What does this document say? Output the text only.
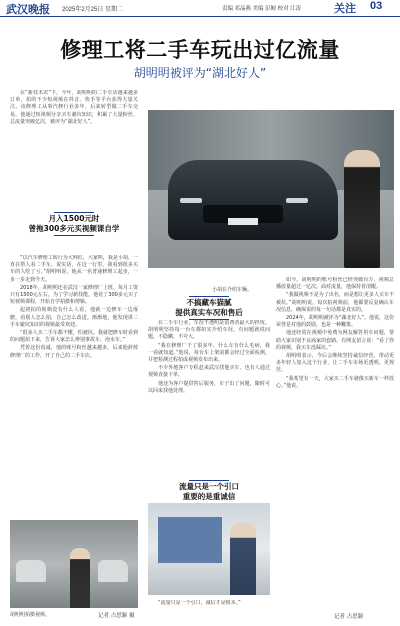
武汉晚报 2025年2月25日 星期二	责编 邓晶燕 美编 彭鲸 校对 江涛	关注 03
修理工将二手车玩出过亿流量
胡明明被评为“湖北好人”

在“新技术农”下，今年，胡明明的二手车店越来越多订单，拍的不少短视频在抖音、快手等平台获得大量关注。该修理工从事汽修行业多年，后来转型做二手车交易，他通过短视频分享买车避坑知识，积累了大量粉丝，总流量突破亿次，被评为“湖北好人”。

月入1500元时
曾拖300多元买视频课自学

“以汽车修理工转行为大网红，大家叫，我是小胡，一直在帮人看二手车，说实话，在这一行里，我看到很多买车的人吃了亏。”胡明明说，他从一名普通修理工起步，一步一步走到今天。

2018年，胡明明还在武汉一家修理厂上班，每月工资只有1500元左右。为了学习新技能，他花了300多元买了短视频课程，开始自学拍摄和剪辑。

起初拍的视频没有什么人看，他就一边修车一边琢磨，看别人怎么拍，自己怎么改进。渐渐地，他发现讲二手车避坑知识的视频最受欢迎。

“很多人买二手车都不懂，怕被坑。我就把修车时看到的问题拍下来，告诉大家怎么辨别事故车、泡水车。”

凭着这份真诚，他的账号粉丝越来越多。后来他辞掉修理厂的工作，开了自己的二手车店。

小胡在介绍车辆。
不搞藏车猫腻
提供真实车况和售后

在二手车行业，车况不透明是消费者最大的担忧。胡明明坚持每一台车都如实介绍车况，有问题就说问题，不隐瞒、不夸大。

“我在修理厂干了很多年，什么车有什么毛病，我一看就知道。”他说，每台车上架前都会经过全面检测，并把检测过程拍成视频发布出来。

不少外地客户专程赶来武汉找他买车，也有人通过视频直接下单。

他还为客户提供售后服务，车子出了问题，随时可以回来找他处理。

流量只是一个引口
重要的是重诚信

“流量只是一个引口，诚信才是根本。”

如今，胡明明的账号粉丝已经突破百万，视频总播放量超过一亿次。面对流量，他保持着清醒。

“我做视频不是为了出名，而是想让更多人买车不被坑。”胡明明说，每次拍视频前，他都要反复确认车况信息，确保说的每一句话都是真实的。

2024年，胡明明被评为“湖北好人”。他说，这份荣誉是对他的鼓励，也是一种鞭策。

他还经常在视频中免费为网友解答用车问题，帮助大家识别不良商家的套路。有网友留言说：“看了你的视频，我买车没踩坑。”

胡明明表示，今后会继续坚持诚信经营，带动更多年轻人加入这个行业，让二手车市场更透明、更规范。

“我希望有一天，大家买二手车就像买新车一样放心。”他说。

胡明明拍摄视频。	记者 占思颖 摄	记者 占思颖
